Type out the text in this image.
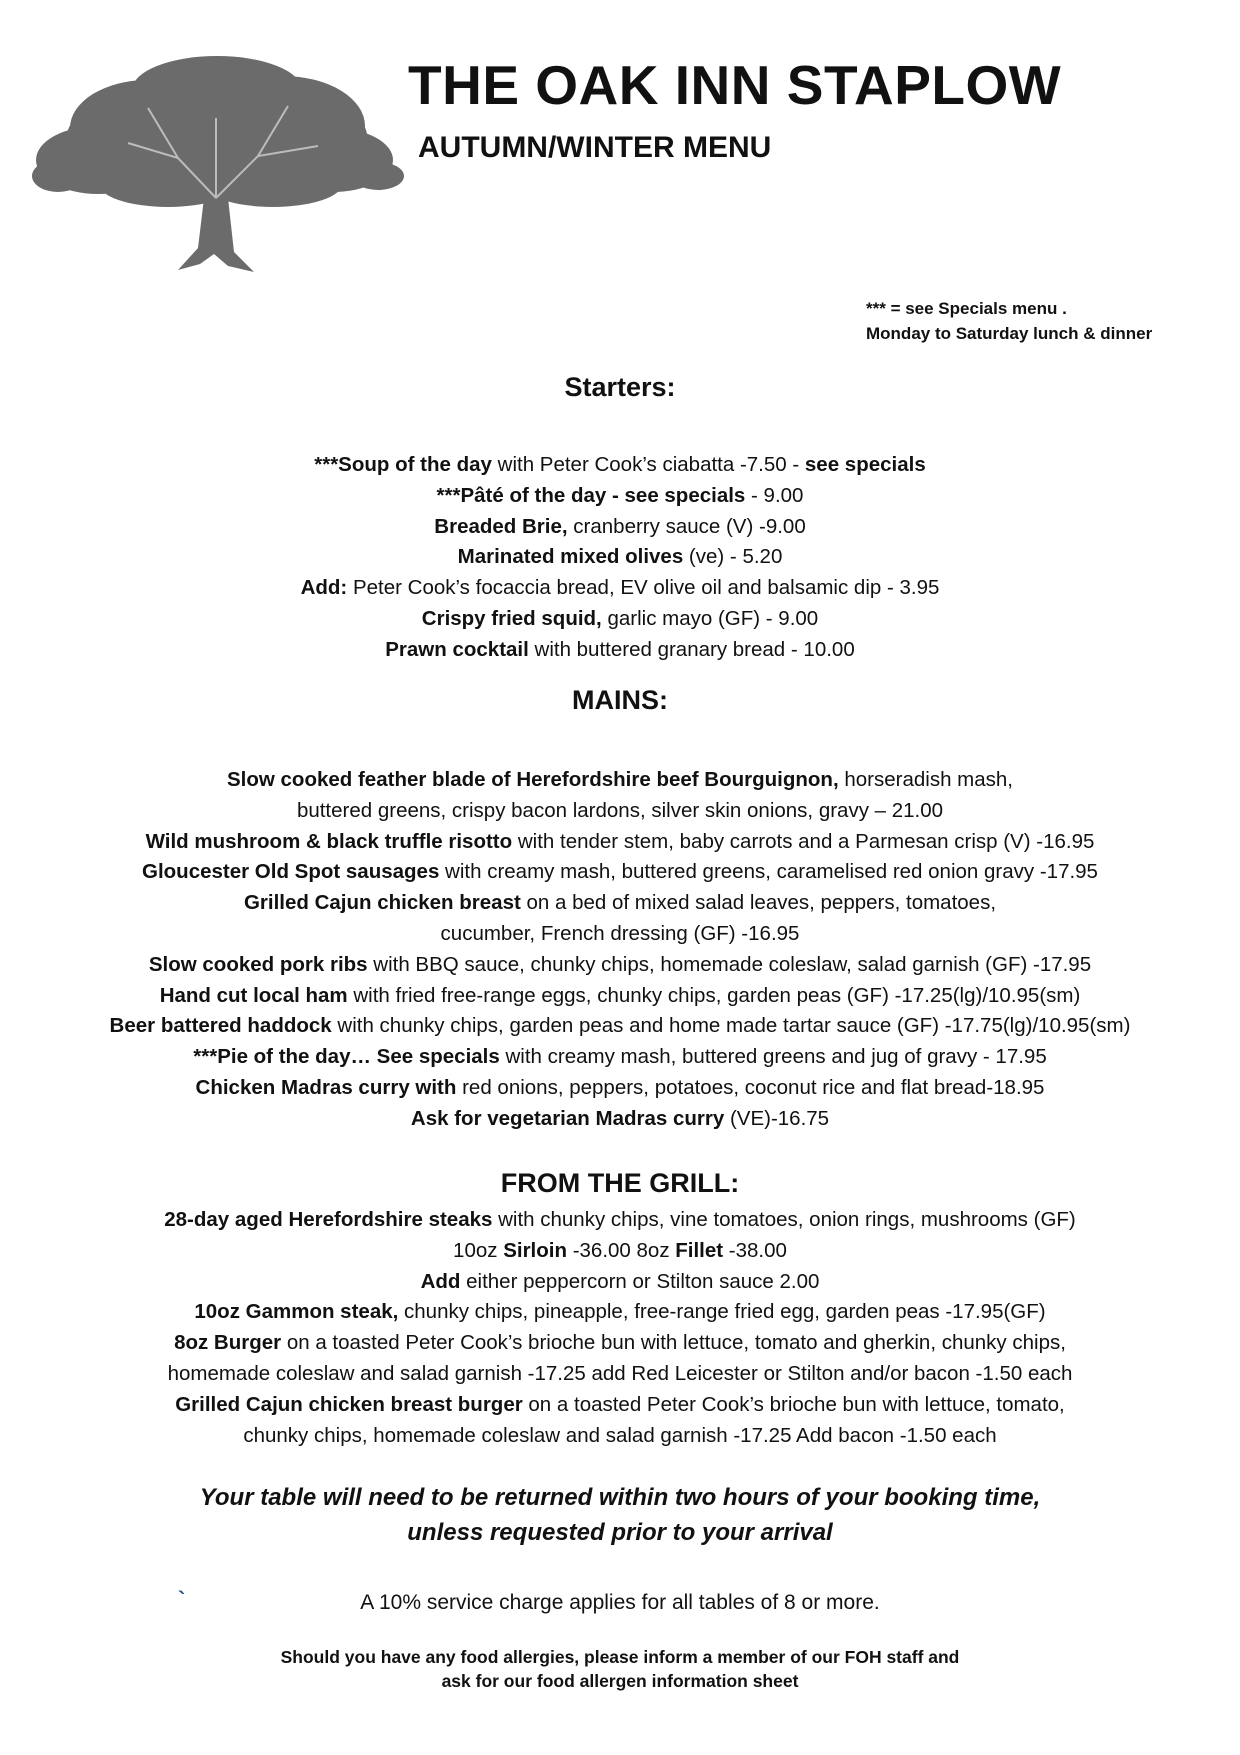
THE OAK INN STAPLOW
AUTUMN/WINTER MENU
*** = see Specials menu .
Monday to Saturday lunch & dinner
Starters:
***Soup of the day with Peter Cook’s ciabatta -7.50 - see specials
***Pâté of the day - see specials - 9.00
Breaded Brie, cranberry sauce (V) -9.00
Marinated mixed olives (ve) - 5.20
Add: Peter Cook’s focaccia bread, EV olive oil and balsamic dip - 3.95
Crispy fried squid, garlic mayo (GF) - 9.00
Prawn cocktail with buttered granary bread - 10.00
MAINS:
Slow cooked feather blade of Herefordshire beef Bourguignon, horseradish mash,
buttered greens, crispy bacon lardons, silver skin onions, gravy – 21.00
Wild mushroom & black truffle risotto with tender stem, baby carrots and a Parmesan crisp (V) -16.95
Gloucester Old Spot sausages with creamy mash, buttered greens, caramelised red onion gravy -17.95
Grilled Cajun chicken breast on a bed of mixed salad leaves, peppers, tomatoes,
cucumber, French dressing (GF) -16.95
Slow cooked pork ribs with BBQ sauce, chunky chips, homemade coleslaw, salad garnish (GF) -17.95
Hand cut local ham with fried free-range eggs, chunky chips, garden peas (GF) -17.25(lg)/10.95(sm)
Beer battered haddock with chunky chips, garden peas and home made tartar sauce (GF) -17.75(lg)/10.95(sm)
***Pie of the day… See specials with creamy mash, buttered greens and jug of gravy - 17.95
Chicken Madras curry with red onions, peppers, potatoes, coconut rice and flat bread-18.95
Ask for vegetarian Madras curry (VE)-16.75
FROM THE GRILL:
28-day aged Herefordshire steaks with chunky chips, vine tomatoes, onion rings, mushrooms (GF)
10oz Sirloin -36.00 8oz Fillet -38.00
Add either peppercorn or Stilton sauce 2.00
10oz Gammon steak, chunky chips, pineapple, free-range fried egg, garden peas -17.95(GF)
8oz Burger on a toasted Peter Cook’s brioche bun with lettuce, tomato and gherkin, chunky chips,
homemade coleslaw and salad garnish -17.25 add Red Leicester or Stilton and/or bacon -1.50 each
Grilled Cajun chicken breast burger on a toasted Peter Cook’s brioche bun with lettuce, tomato,
chunky chips, homemade coleslaw and salad garnish -17.25 Add bacon -1.50 each
Your table will need to be returned within two hours of your booking time,
unless requested prior to your arrival
`	A 10% service charge applies for all tables of 8 or more.
Should you have any food allergies, please inform a member of our FOH staff and
ask for our food allergen information sheet
